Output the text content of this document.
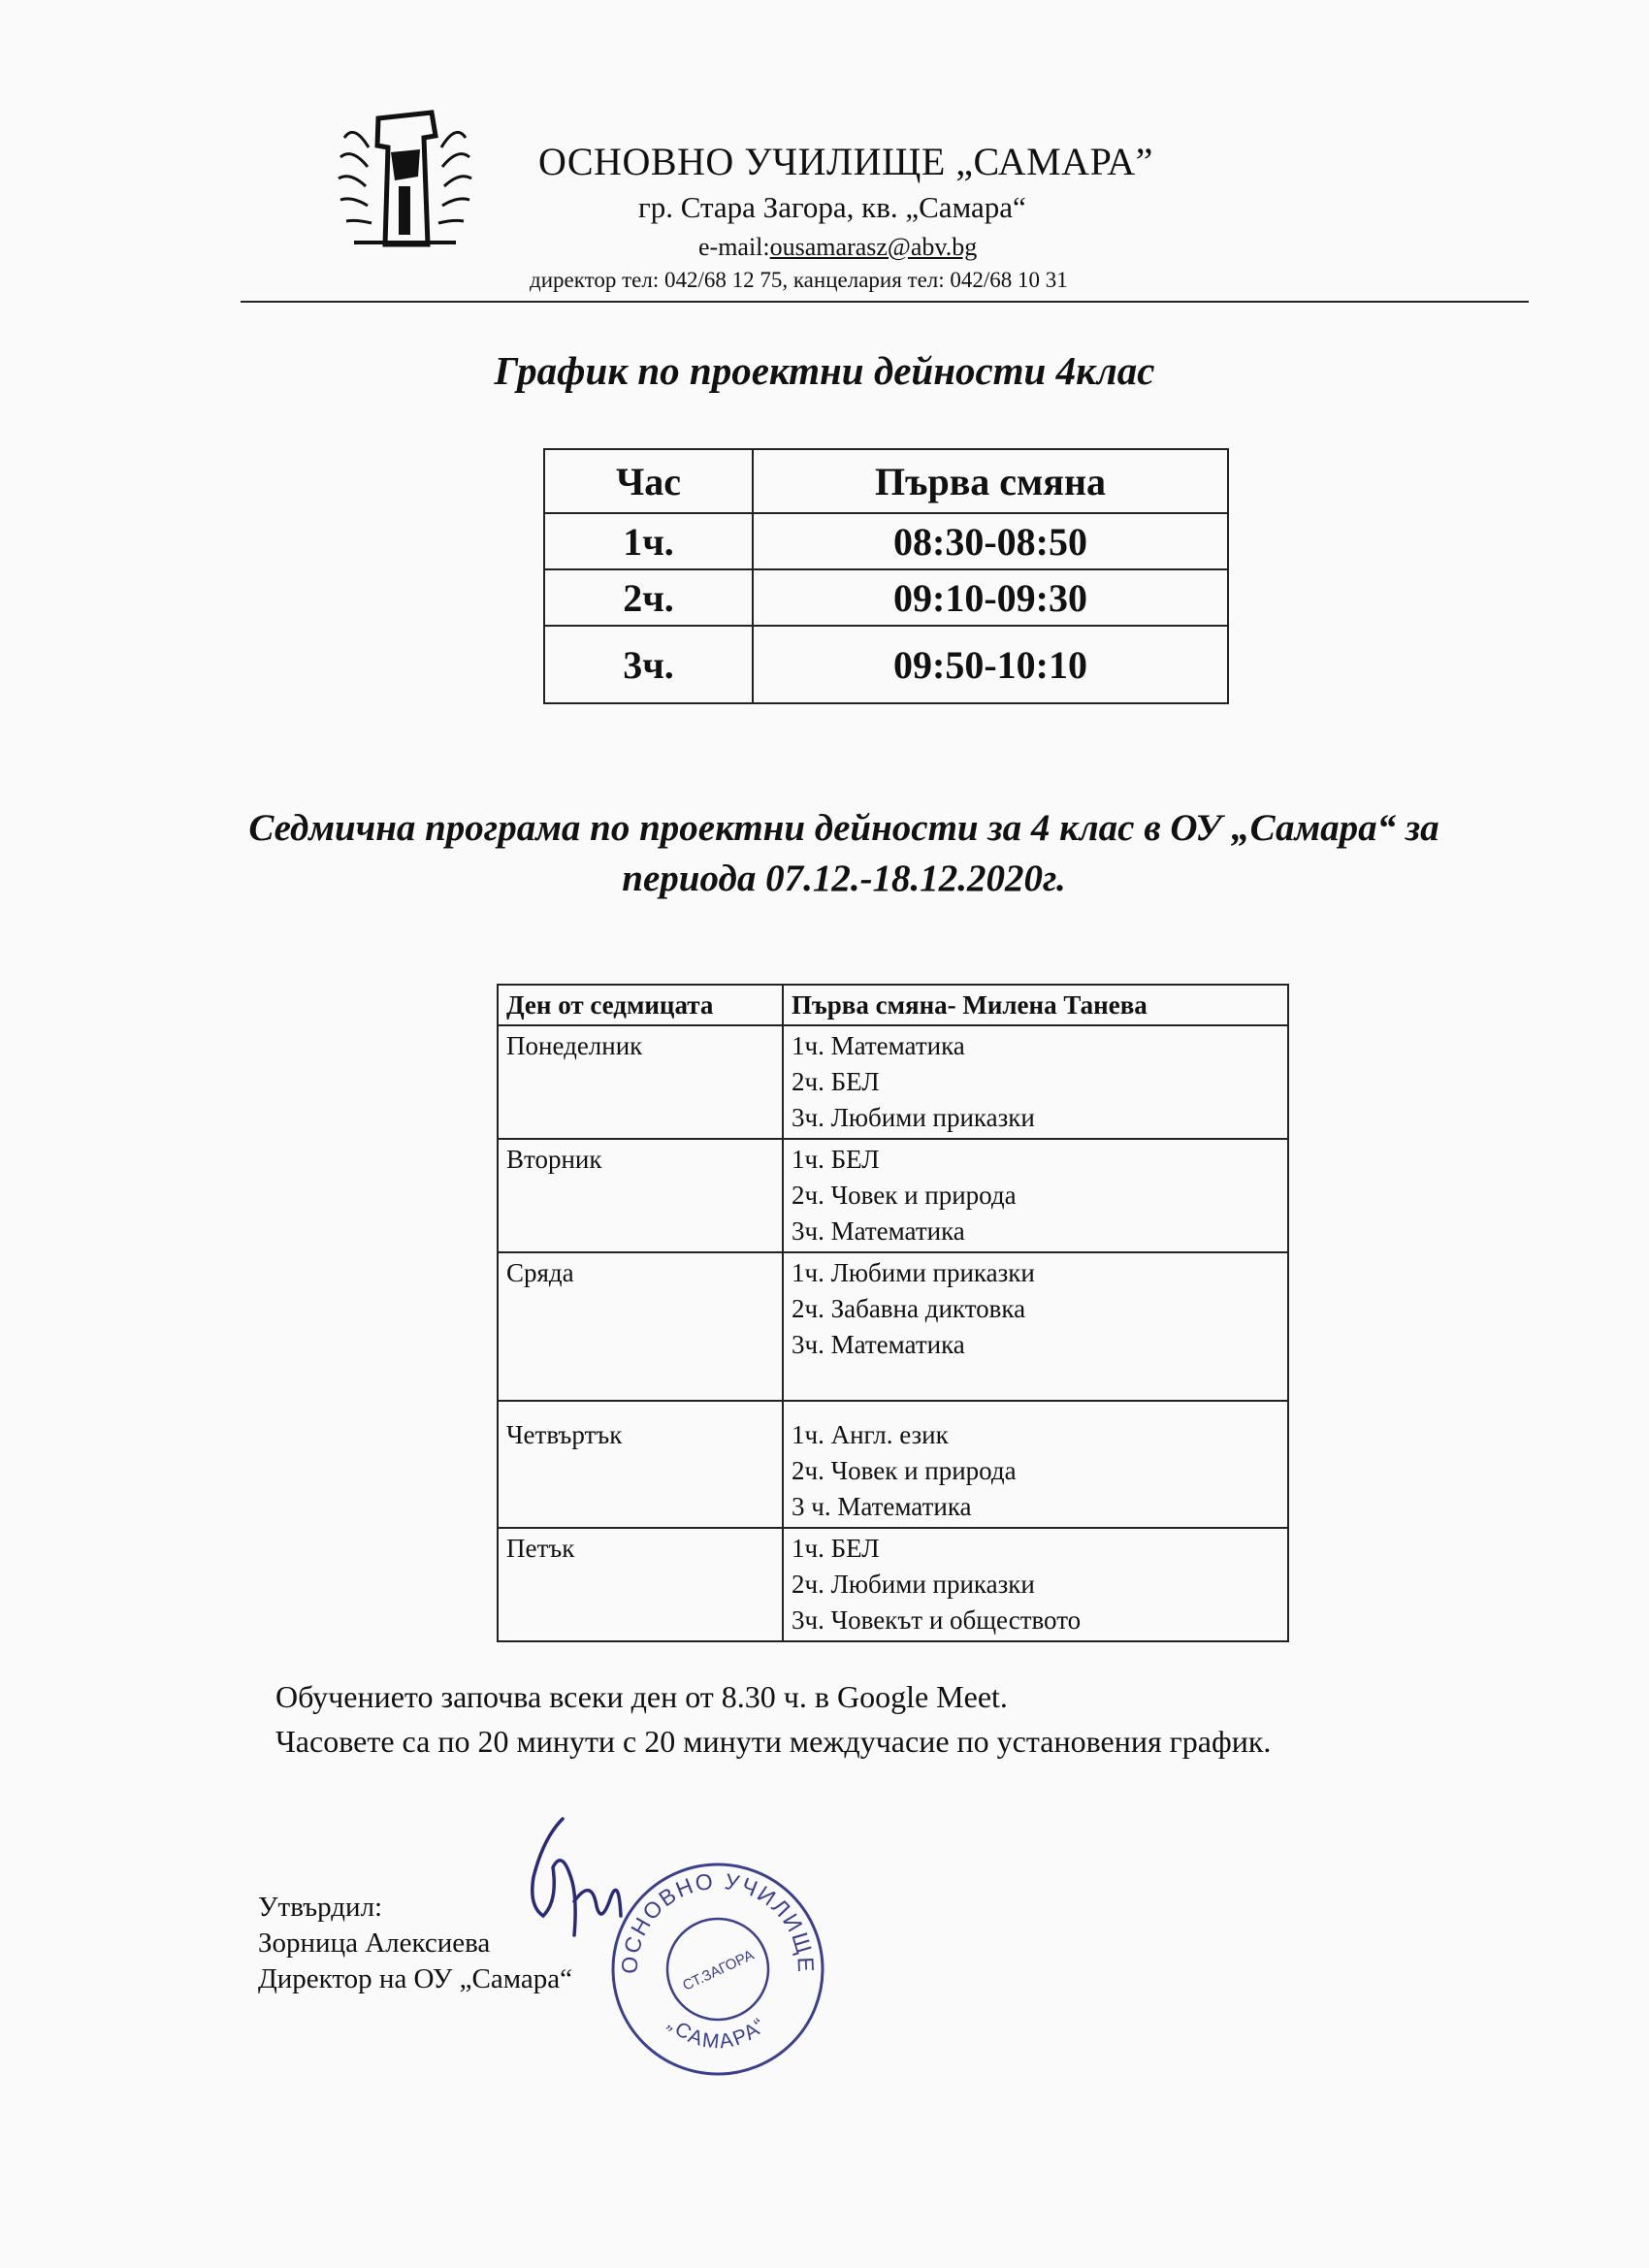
ОСНОВНО УЧИЛИЩЕ „САМАРА”
гр. Стара Загора, кв. „Самара“
e-mail:ousamarasz@abv.bg
директор тел: 042/68 12 75, канцелария тел: 042/68 10 31
График по проектни дейности 4клас
Час	Първа смяна
1ч.	08:30-08:50
2ч.	09:10-09:30
3ч.	09:50-10:10
Седмична програма по проектни дейности за 4 клас в ОУ „Самара“ за периода 07.12.-18.12.2020г.
Ден от седмицата	Първа смяна- Милена Танева
Понеделник	1ч. Математика
2ч. БЕЛ
3ч. Любими приказки

Вторник	1ч. БЕЛ
2ч. Човек и природа
3ч. Математика

Сряда	1ч. Любими приказки
2ч. Забавна диктовка
3ч. Математика

Четвъртък	1ч. Англ. език
2ч. Човек и природа
3 ч. Математика

Петък	1ч. БЕЛ
2ч. Любими приказки
3ч. Човекът и обществото
Обучението започва всеки ден от 8.30 ч. в Google Meet.
Часовете са по 20 минути с 20 минути междучасие по установения график.
Утвърдил:
Зорница Алексиева
Директор на ОУ „Самара“ ОСНОВНО УЧИЛИЩЕ
„САМАРА“
СТ.ЗАГОРА
